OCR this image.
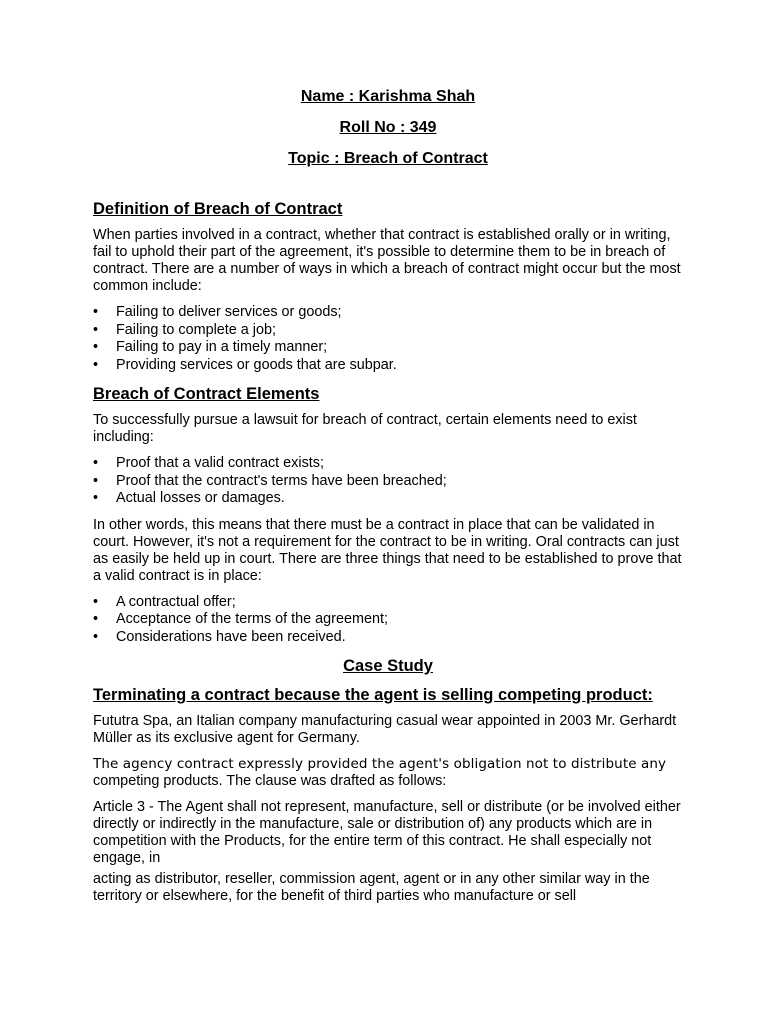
Name : Karishma Shah
Roll No : 349
Topic : Breach of Contract
Definition of Breach of Contract

When parties involved in a contract, whether that contract is established orally or in writing, fail to uphold their part of the agreement, it's possible to determine them to be in breach of contract. There are a number of ways in which a breach of contract might occur but the most common include:

•	Failing to deliver services or goods;
•	Failing to complete a job;
•	Failing to pay in a timely manner;
•	Providing services or goods that are subpar.
Breach of Contract Elements

To successfully pursue a lawsuit for breach of contract, certain elements need to exist including:

•	Proof that a valid contract exists;
•	Proof that the contract's terms have been breached;
•	Actual losses or damages.

In other words, this means that there must be a contract in place that can be validated in court. However, it's not a requirement for the contract to be in writing. Oral contracts can just as easily be held up in court. There are three things that need to be established to prove that a valid contract is in place:

•	A contractual offer;
•	Acceptance of the terms of the agreement;
•	Considerations have been received.
Case Study
Terminating a contract because the agent is selling competing product:

Fututra Spa, an Italian company manufacturing casual wear appointed in 2003 Mr. Gerhardt Müller as its exclusive agent for Germany.

The agency contract expressly provided the agent's obligation not to distribute any
competing products. The clause was drafted as follows:

Article 3 - The Agent shall not represent, manufacture, sell or distribute (or be involved either directly or indirectly in the manufacture, sale or distribution of) any products which are in competition with the Products, for the entire term of this contract. He shall especially not engage, in

acting as distributor, reseller, commission agent, agent or in any other similar way in the territory or elsewhere, for the benefit of third parties who manufacture or sell
